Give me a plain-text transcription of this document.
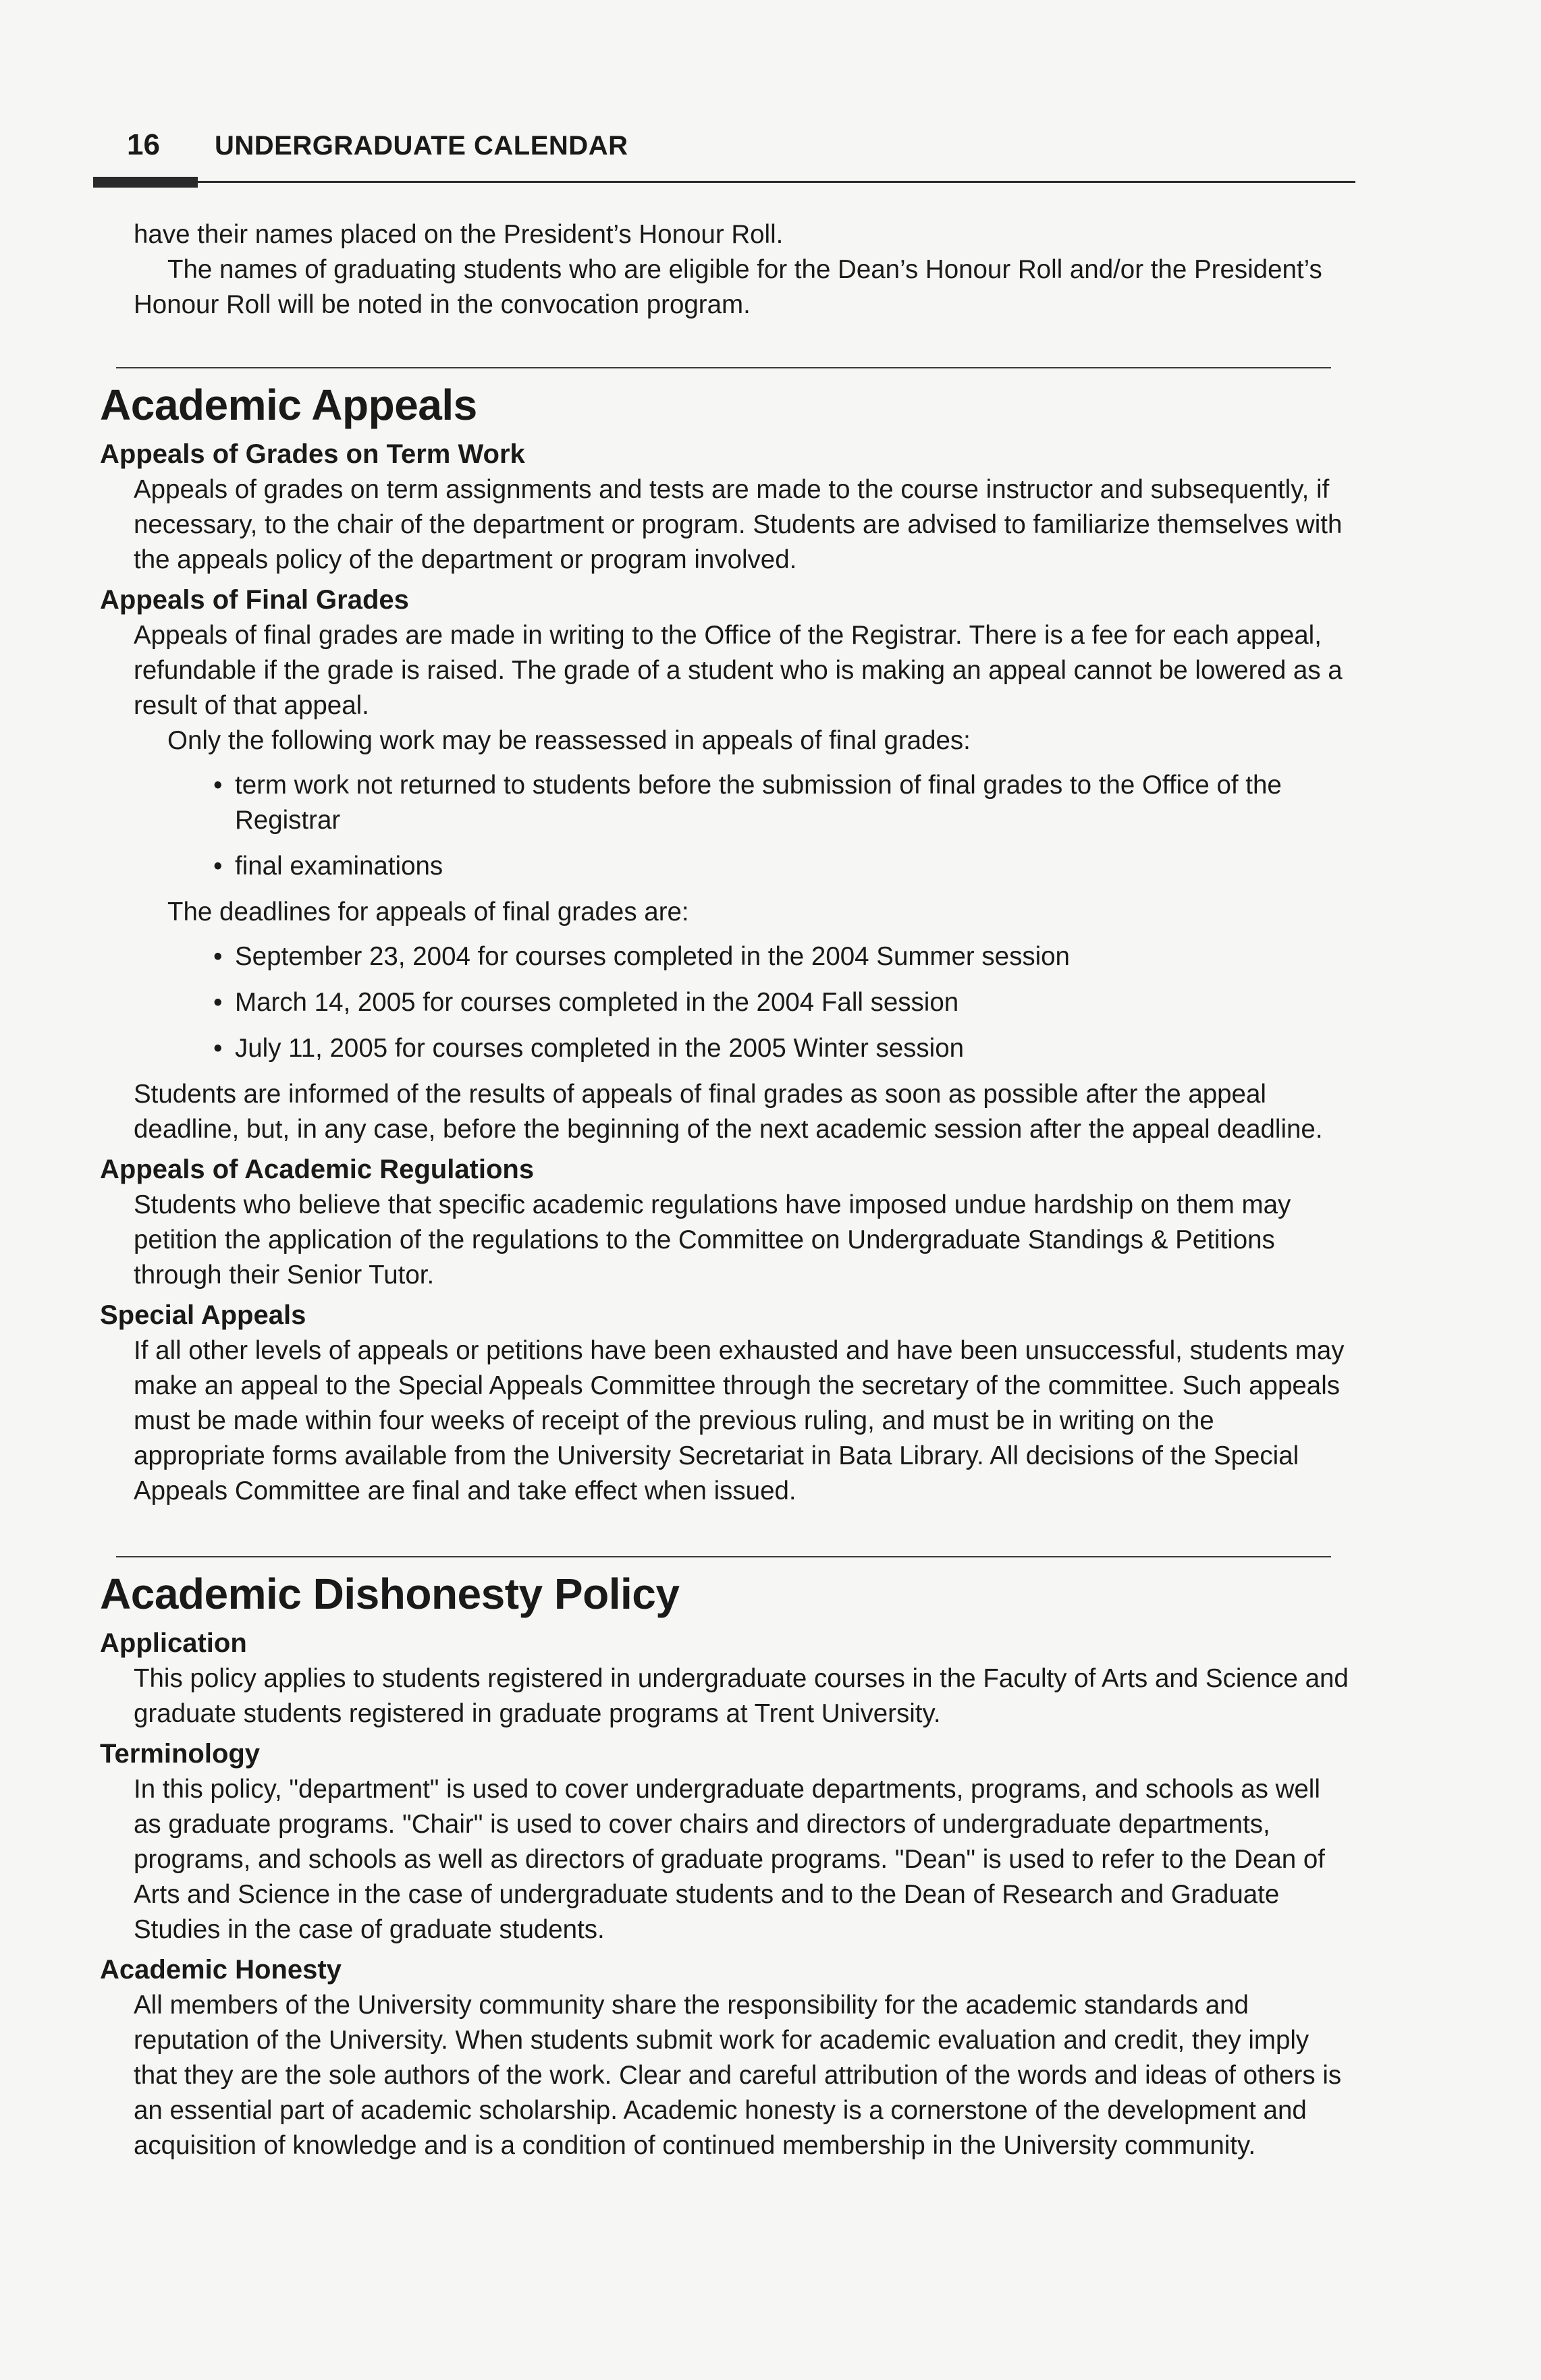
16 UNDERGRADUATE CALENDAR

have their names placed on the President’s Honour Roll.

The names of graduating students who are eligible for the Dean’s Honour Roll and/or the President’s Honour Roll will be noted in the convocation program.

Academic Appeals
Appeals of Grades on Term Work

Appeals of grades on term assignments and tests are made to the course instructor and subsequently, if necessary, to the chair of the department or program. Students are advised to familiarize themselves with the appeals policy of the department or program involved.

Appeals of Final Grades

Appeals of final grades are made in writing to the Office of the Registrar. There is a fee for each appeal, refundable if the grade is raised. The grade of a student who is making an appeal cannot be lowered as a result of that appeal.

Only the following work may be reassessed in appeals of final grades:

• term work not returned to students before the submission of final grades to the Office of the Registrar
• final examinations

The deadlines for appeals of final grades are:

• September 23, 2004 for courses completed in the 2004 Summer session
• March 14, 2005 for courses completed in the 2004 Fall session
• July 11, 2005 for courses completed in the 2005 Winter session

Students are informed of the results of appeals of final grades as soon as possible after the appeal deadline, but, in any case, before the beginning of the next academic session after the appeal deadline.

Appeals of Academic Regulations

Students who believe that specific academic regulations have imposed undue hardship on them may petition the application of the regulations to the Committee on Undergraduate Standings & Petitions through their Senior Tutor.

Special Appeals

If all other levels of appeals or petitions have been exhausted and have been unsuccessful, students may make an appeal to the Special Appeals Committee through the secretary of the committee. Such appeals must be made within four weeks of receipt of the previous ruling, and must be in writing on the appropriate forms available from the University Secretariat in Bata Library. All decisions of the Special Appeals Committee are final and take effect when issued.

Academic Dishonesty Policy
Application

This policy applies to students registered in undergraduate courses in the Faculty of Arts and Science and graduate students registered in graduate programs at Trent University.

Terminology

In this policy, "department" is used to cover undergraduate departments, programs, and schools as well as graduate programs. "Chair" is used to cover chairs and directors of undergraduate departments, programs, and schools as well as directors of graduate programs. "Dean" is used to refer to the Dean of Arts and Science in the case of undergraduate students and to the Dean of Research and Graduate Studies in the case of graduate students.

Academic Honesty

All members of the University community share the responsibility for the academic standards and reputation of the University. When students submit work for academic evaluation and credit, they imply that they are the sole authors of the work. Clear and careful attribution of the words and ideas of others is an essential part of academic scholarship. Academic honesty is a cornerstone of the development and acquisition of knowledge and is a condition of continued membership in the University community.
